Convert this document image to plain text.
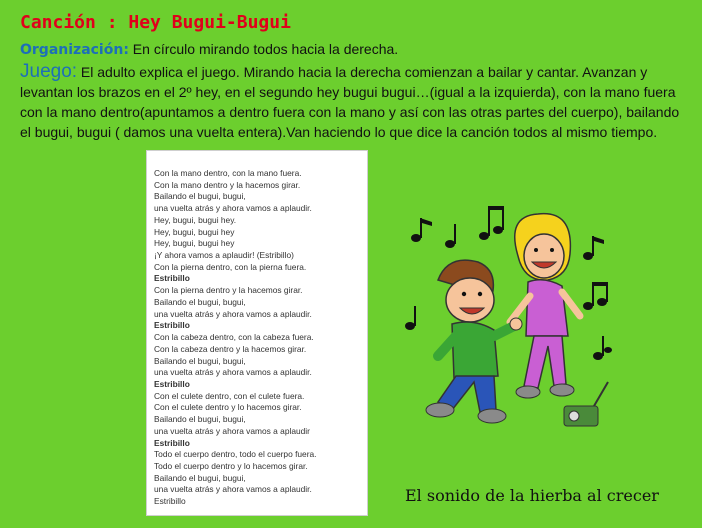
Canción : Hey Bugui-Bugui
Organización: En círculo mirando todos hacia la derecha.
Juego: El adulto explica el juego. Mirando hacia la derecha comienzan a bailar y cantar. Avanzan y levantan los brazos en el 2º hey, en el segundo hey bugui bugui…(igual a la izquierda), con la mano fuera con la mano dentro(apuntamos a dentro fuera con la mano y así con las otras partes del cuerpo), bailando el bugui, bugui ( damos una vuelta entera).Van haciendo lo que dice la canción todos al mismo tiempo.
Con la mano dentro, con la mano fuera.
Con la mano dentro y la hacemos girar.
Bailando el bugui, bugui,
una vuelta atrás y ahora vamos a aplaudir.
Hey, bugui, bugui hey.
Hey, bugui, bugui hey
Hey, bugui, bugui hey
¡Y ahora vamos a aplaudir! (Estribillo)
Con la pierna dentro, con la pierna fuera.
Estribillo
Con la pierna dentro y la hacemos girar.
Bailando el bugui, bugui,
una vuelta atrás y ahora vamos a aplaudir.
Estribillo
Con la cabeza dentro, con la cabeza fuera.
Con la cabeza dentro y la hacemos girar.
Bailando el bugui, bugui,
una vuelta atrás y ahora vamos a aplaudir.
Estribillo
Con el culete dentro, con el culete fuera.
Con el culete dentro y lo hacemos girar.
Bailando el bugui, bugui,
una vuelta atrás y ahora vamos a aplaudir
Estribillo
Todo el cuerpo dentro, todo el cuerpo fuera.
Todo el cuerpo dentro y lo hacemos girar.
Bailando el bugui, bugui,
una vuelta atrás y ahora vamos a aplaudir.
Estribillo	El sonido de la hierba al crecer
